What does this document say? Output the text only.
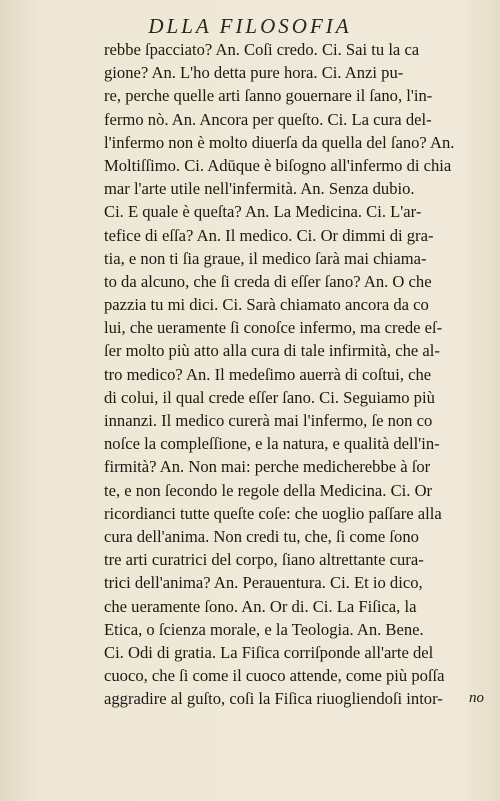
DLLA FILOSOFIA
rebbe ſpacciato? An. Coſi credo. Ci. Sai tu la ca
gione? An. L'ho detta pure hora. Ci. Anzi pu-
re, perche quelle arti ſanno gouernare il ſano, l'in-
fermo nò. An. Ancora per queſto. Ci. La cura del-
l'infermo non è molto diuerſa da quella del ſano? An.
Moltiſſimo. Ci. Adūque è biſogno all'infermo di chia
mar l'arte utile nell'infermità. An. Senza dubio.
Ci. E quale è queſta? An. La Medicina. Ci. L'ar-
tefice di eſſa? An. Il medico. Ci. Or dimmi di gra-
tia, e non ti ſia graue, il medico ſarà mai chiama-
to da alcuno, che ſi creda di eſſer ſano? An. O che
pazzia tu mi dici. Ci. Sarà chiamato ancora da co
lui, che ueramente ſi conoſce infermo, ma crede eſ-
ſer molto più atto alla cura di tale infirmità, che al-
tro medico? An. Il medeſimo auerrà di coſtui, che
di colui, il qual crede eſſer ſano. Ci. Seguiamo più
innanzi. Il medico curerà mai l'infermo, ſe non co
noſce la compleſſione, e la natura, e qualità dell'in-
firmità? An. Non mai: perche medicherebbe à ſor
te, e non ſecondo le regole della Medicina. Ci. Or
ricordianci tutte queſte coſe: che uoglio paſſare alla
cura dell'anima. Non credi tu, che, ſi come ſono
tre arti curatrici del corpo, ſiano altrettante cura-
trici dell'anima? An. Perauentura. Ci. Et io dico,
che ueramente ſono. An. Or di. Ci. La Fiſica, la
Etica, o ſcienza morale, e la Teologia. An. Bene.
Ci. Odi di gratia. La Fiſica corriſponde all'arte del
cuoco, che ſi come il cuoco attende, come più poſſa
aggradire al guſto, coſi la Fiſica riuogliendoſi intor-	no
